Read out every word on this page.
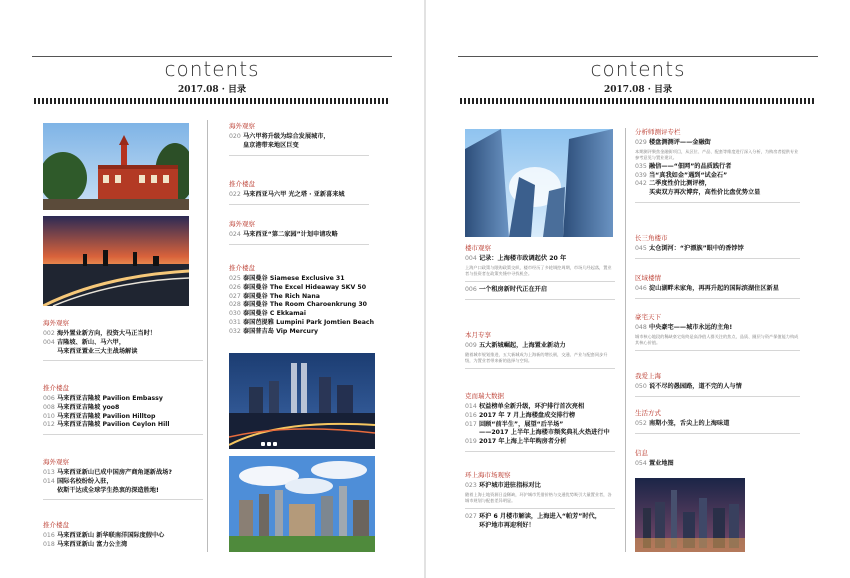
contents
2017.08 · 目录
海外观察
002 海外置业新方向，投资大马正当时！
004 吉隆坡、新山、马六甲，
马来西亚置业三大主战场解读
推介楼盘
006 马来西亚吉隆坡 Pavilion Embassy
008 马来西亚吉隆坡 yoo8
010 马来西亚吉隆坡 Pavilion Hilltop
012 马来西亚吉隆坡 Pavilion Ceylon Hill
海外观察
013 马来西亚新山已成中国房产商角逐新战场?
014 国际名校纷纷入驻，
依斯干达成全球学生热衷的深造胜地!
推介楼盘
016 马来西亚新山 新华联南洋国际度假中心
018 马来西亚新山 富力公主湾
海外观察
020 马六甲将升级为综合发展城市，
皇京港带来地区巨变
推介楼盘
022 马来西亚马六甲 光之塔 · 亚新喜来城
海外观察
024 马来西亚“第二家园”计划申请攻略
推介楼盘
025 泰国曼谷 Siamese Exclusive 31
026 泰国曼谷 The Excel Hideaway SKV 50
027 泰国曼谷 The Rich Nana
028 泰国曼谷 The Room Charoenkrung 30
030 泰国曼谷 C Ekkamai
031 泰国芭提雅 Lumpini Park Jomtien Beach
032 泰国普吉岛 Vip Mercury
contents
2017.08 · 目录
楼市观察
004 记录：上海楼市政调起伏 20 年
上海户口政策与限购政策交织，楼市经历了多轮调控周期，市场几经起落，置业者与投资者在政策夹缝中寻找机会。
006 一个租房新时代正在开启
本月专享
009 五大新城崛起，上海置业新动力
随着城市规划推进，五大新城成为上海新的增长极，交通、产业与配套同步升级，为置业者带来新的选择与空间。
克而瑞大数据
014 权益榜单全新升级，环沪排行首次亮相
016 2017 年 7 月上海楼盘成交排行榜
017 回顾“前半生”，展望“后半场”
——2017 上半年上海楼市频奖典礼火热进行中
019 2017 年上海上半年购房者分析
环上海市场观察
023 环沪城市进驻指标对比
随着上海土地资源日益稀缺，环沪城市凭借价格与交通优势吸引大量置业者，各城市规划与配套差异明显。
027 环沪 6 月楼市解读，上海进入“帕芳”时代，
环沪地市再迎利好！
分析师测评专栏
029 楼盘测测评——金融街
本期测评聚焦金融街项目，从区位、产品、配套等维度进行深入分析，为购房者提供专业参考意见与置业建议。
035 融信——“佃网”的品质践行者
039 当“真我如金”遇到“试金石”
042 二季度性价比测评榜，
买卖双方再次博弈，高性价比盘优势立显
长三角楼市
045 太仓浏河：“沪漂族”眼中的香饽饽
区域楼情
046 淀山湖畔未家角，再再升起的国际滨湖住区新星
豪宅天下
048 中央豪宅——城市永远的主角!
城市核心地段的稀缺豪宅始终是高净值人群关注的焦点，品质、圈层与资产保值能力构成其核心价值。
我爱上海
050 说不尽的愚园路，道不完的人与情
生活方式
052 南期小笼，舌尖上的上海味道
信息
054 置业地图
